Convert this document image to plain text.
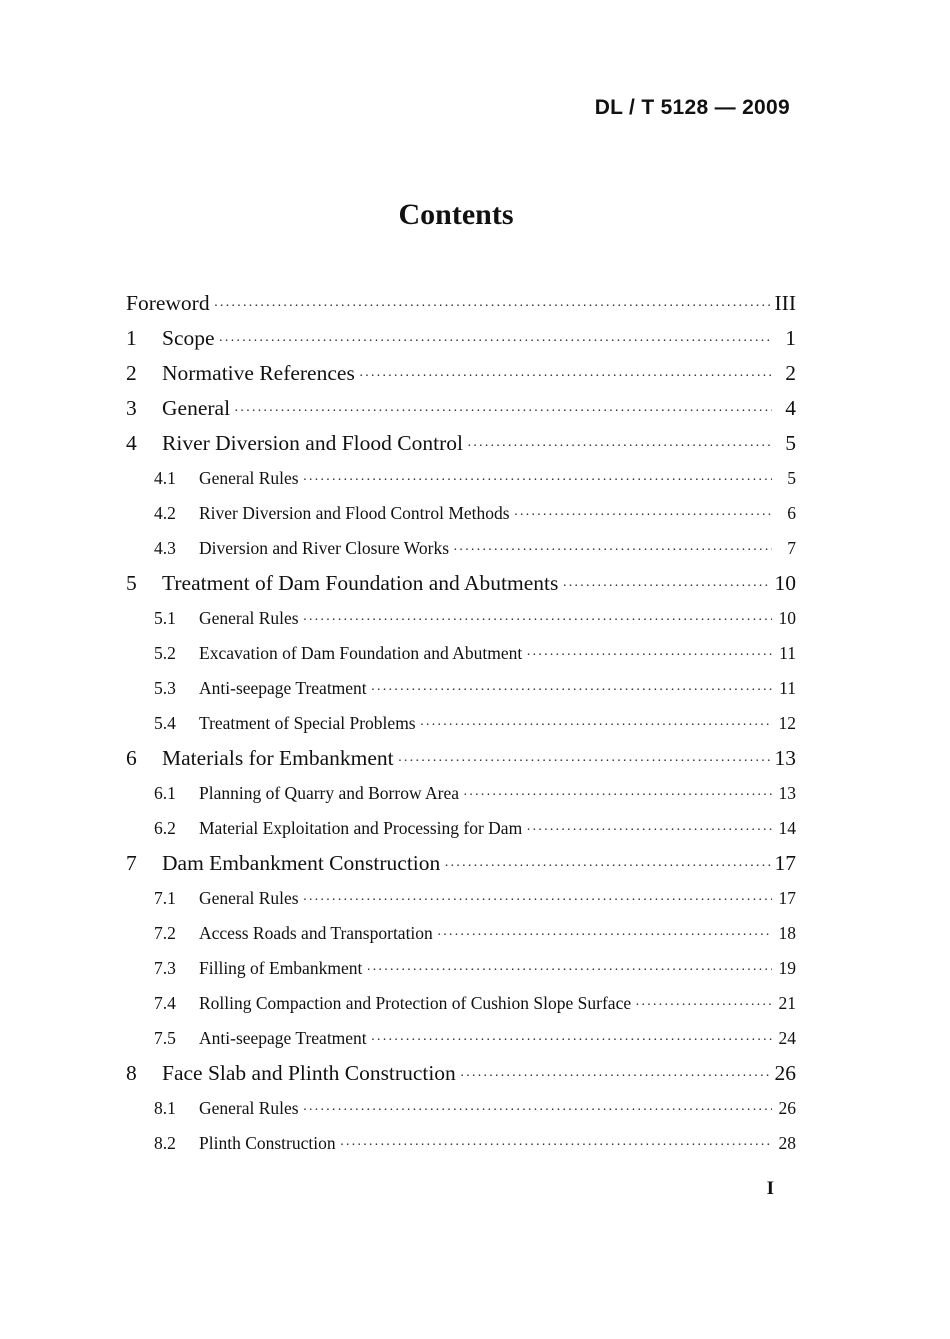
DL / T 5128 — 2009
Contents
Foreword ·····	III
1	Scope ·····	1
2	Normative References ·····	2
3	General ·····	4
4	River Diversion and Flood Control ·····	5
4.1	General Rules ·····	5
4.2	River Diversion and Flood Control Methods ·····	6
4.3	Diversion and River Closure Works ·····	7
5	Treatment of Dam Foundation and Abutments ·····	10
5.1	General Rules ·····	10
5.2	Excavation of Dam Foundation and Abutment ·····	11
5.3	Anti-seepage Treatment ·····	11
5.4	Treatment of Special Problems ·····	12
6	Materials for Embankment ·····	13
6.1	Planning of Quarry and Borrow Area ·····	13
6.2	Material Exploitation and Processing for Dam ·····	14
7	Dam Embankment Construction ·····	17
7.1	General Rules ·····	17
7.2	Access Roads and Transportation ·····	18
7.3	Filling of Embankment ·····	19
7.4	Rolling Compaction and Protection of Cushion Slope Surface ·····	21
7.5	Anti-seepage Treatment ·····	24
8	Face Slab and Plinth Construction ·····	26
8.1	General Rules ·····	26
8.2	Plinth Construction ·····	28
I
